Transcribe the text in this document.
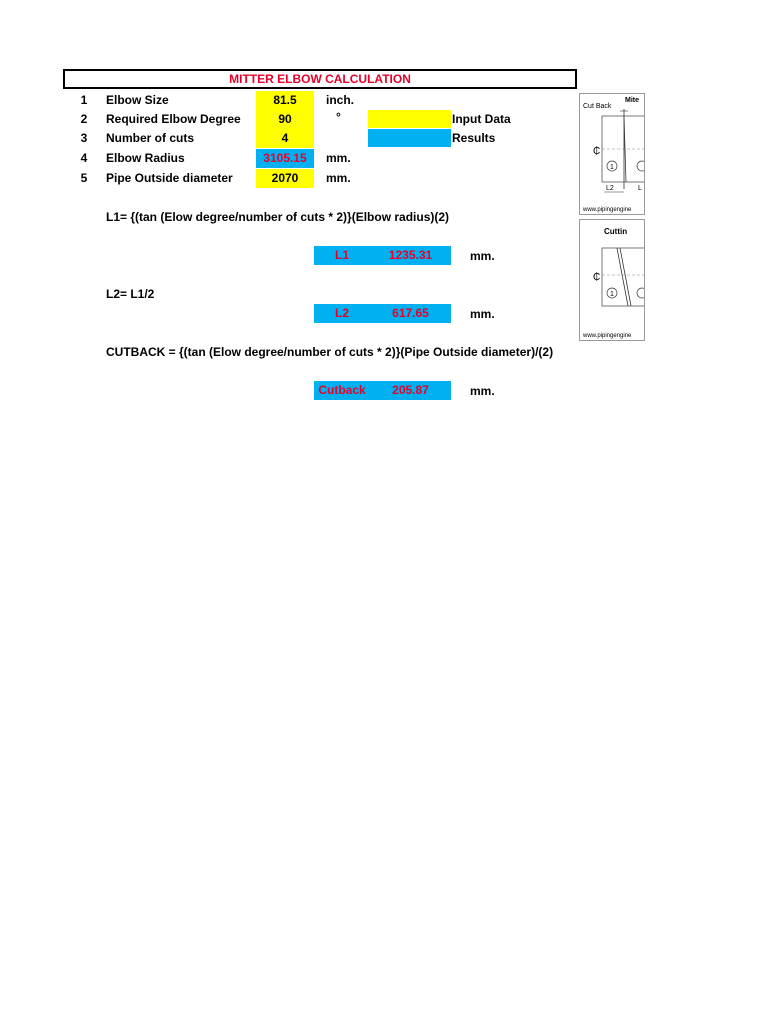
MITTER ELBOW CALCULATION
1	Elbow Size	81.5	inch.
2	Required Elbow Degree	90	°
3	Number of cuts	4
4	Elbow Radius	3105.15	mm.
5	Pipe Outside diameter	2070	mm.
Input Data
Results
L1= {(tan (Elow degree/number of cuts * 2)}(Elbow radius)(2)
L1	1235.31	mm.
L2= L1/2
L2	617.65	mm.
CUTBACK = {(tan (Elow degree/number of cuts * 2)}(Pipe Outside diameter)/(2)
Cutback	205.87	mm.
Cut Back
Mite
₵
1
L2	L
www.pipingengine
Cuttin
₵
1
www.pipingengine
